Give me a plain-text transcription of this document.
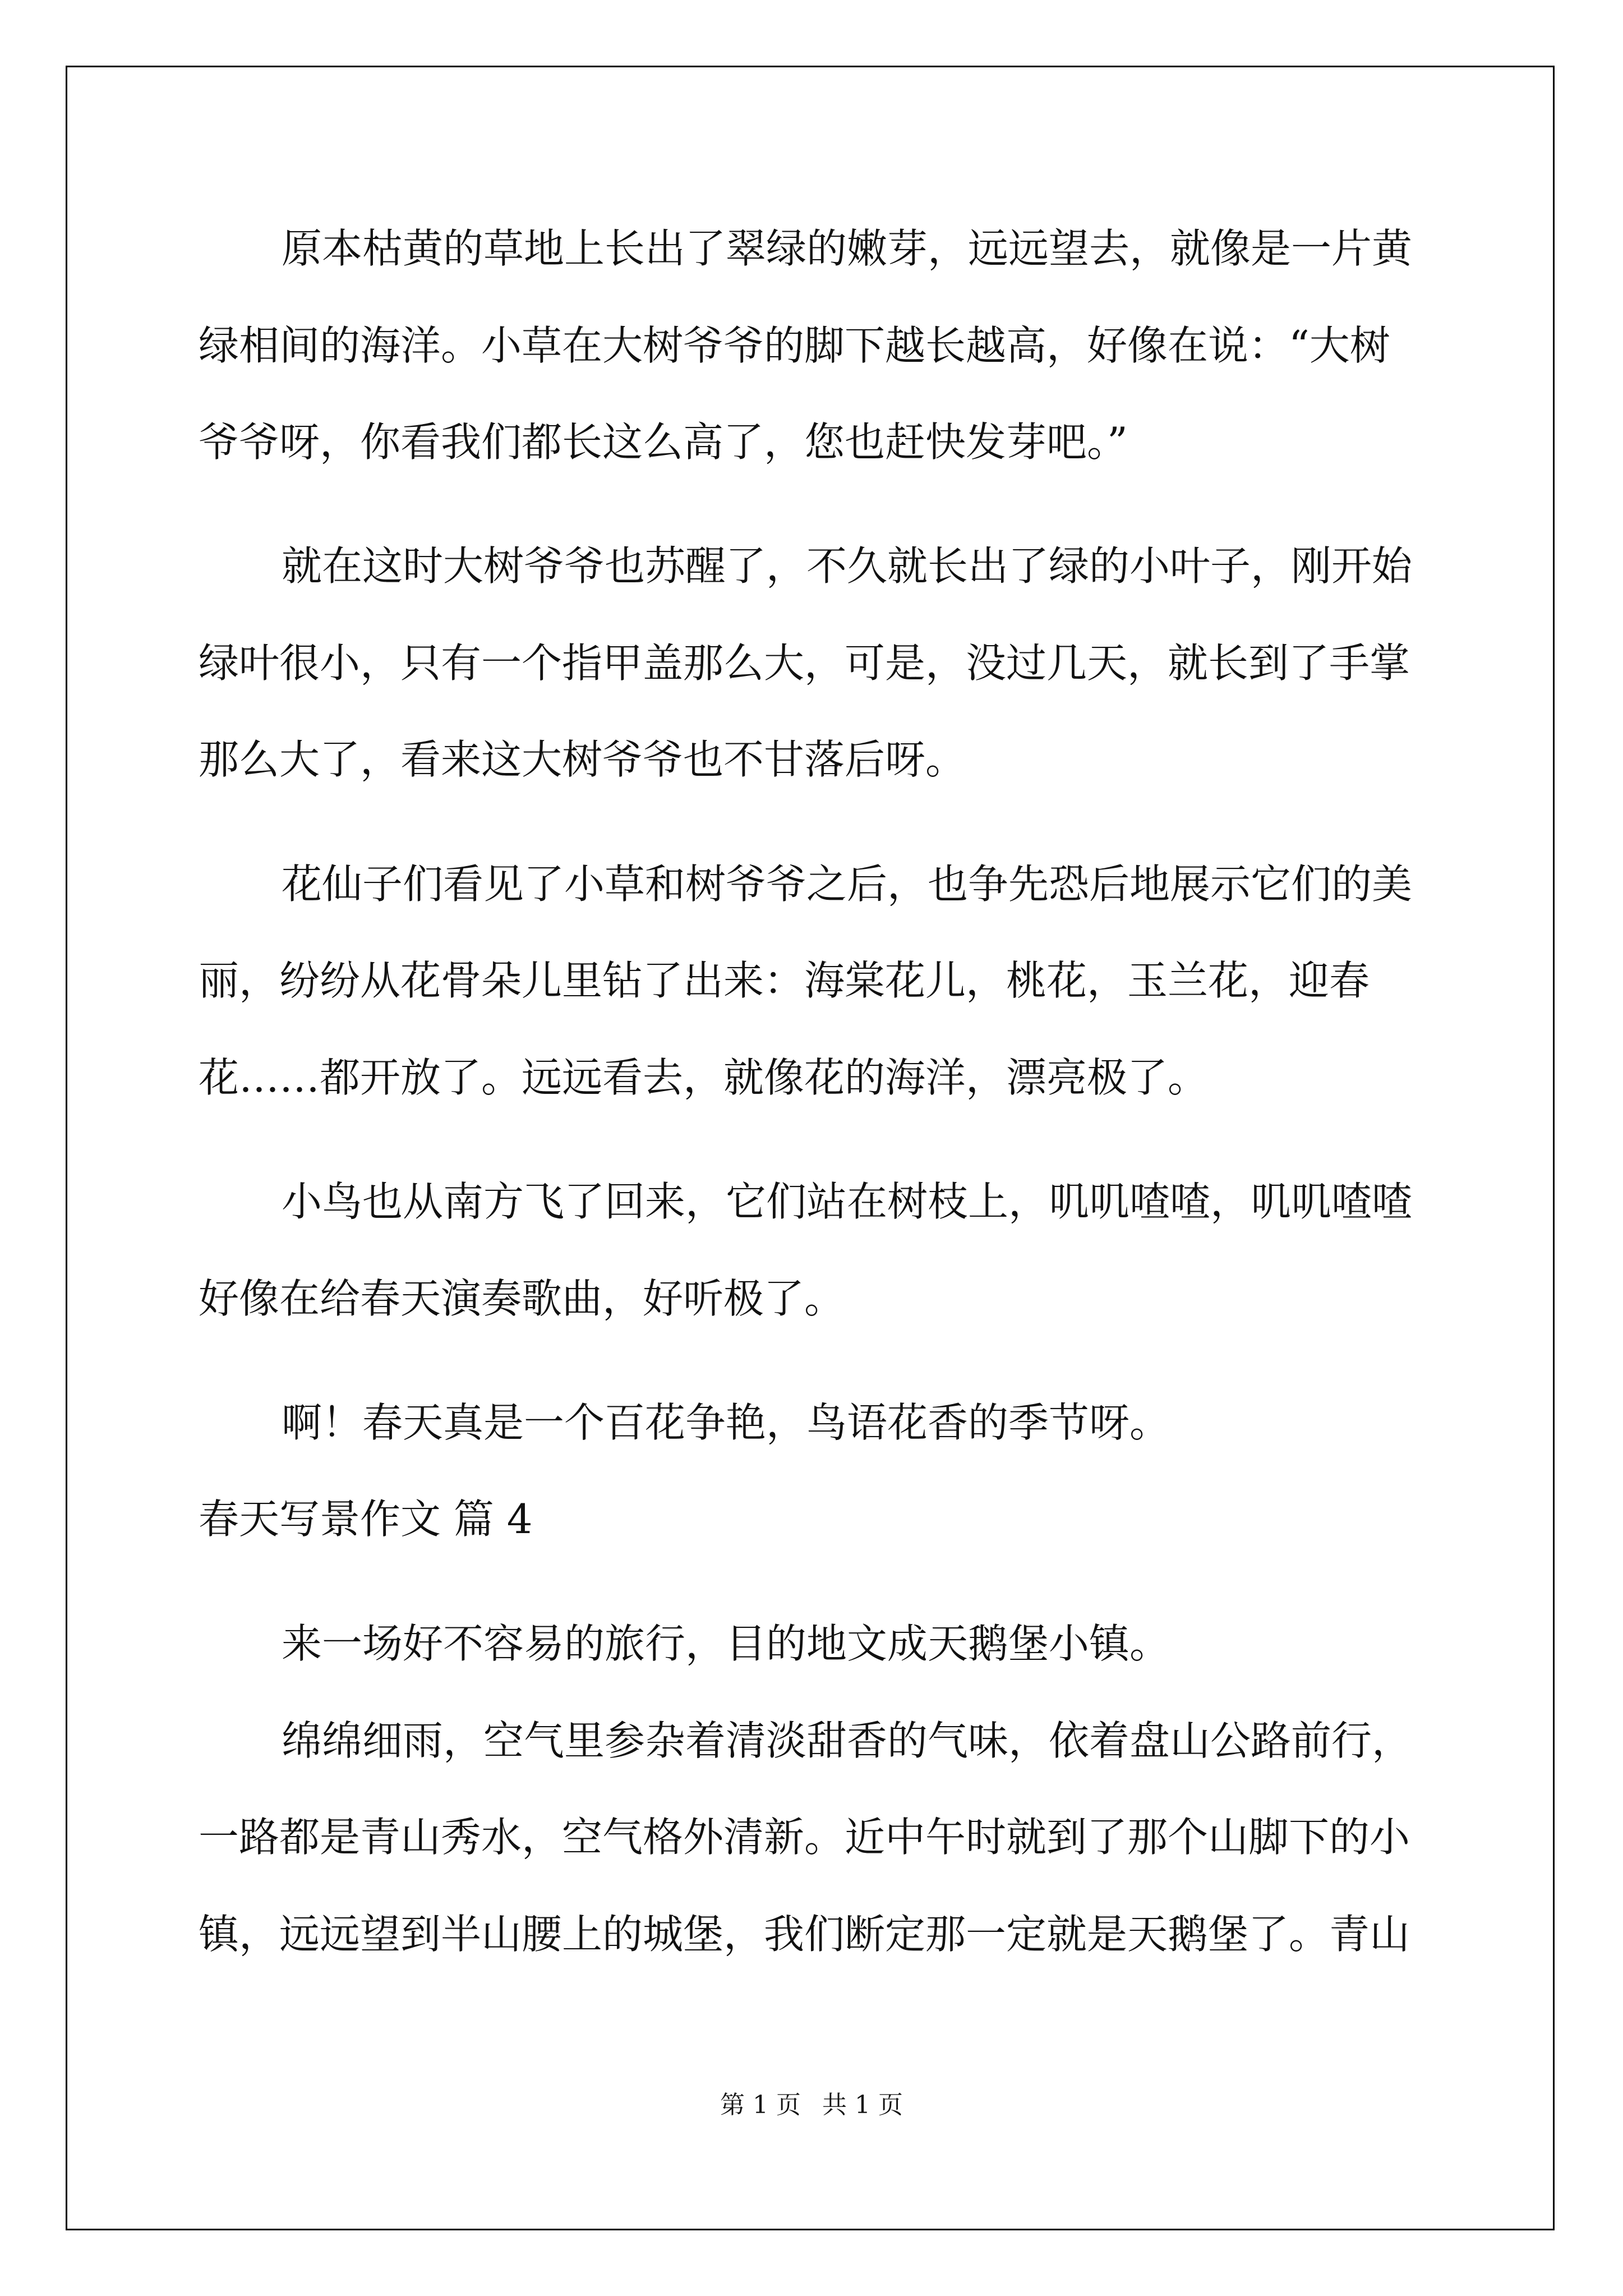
原本枯黄的草地上长出了翠绿的嫩芽，远远望去，就像是一片黄
绿相间的海洋。小草在大树爷爷的脚下越长越高，好像在说：“大树
爷爷呀，你看我们都长这么高了，您也赶快发芽吧。”
就在这时大树爷爷也苏醒了，不久就长出了绿的小叶子，刚开始
绿叶很小，只有一个指甲盖那么大，可是，没过几天，就长到了手掌
那么大了，看来这大树爷爷也不甘落后呀。
花仙子们看见了小草和树爷爷之后，也争先恐后地展示它们的美
丽，纷纷从花骨朵儿里钻了出来：海棠花儿，桃花，玉兰花，迎春
花……都开放了。远远看去，就像花的海洋，漂亮极了。
小鸟也从南方飞了回来，它们站在树枝上，叽叽喳喳，叽叽喳喳
好像在给春天演奏歌曲，好听极了。
啊！春天真是一个百花争艳，鸟语花香的季节呀。
春天写景作文 篇 4
来一场好不容易的旅行，目的地文成天鹅堡小镇。
绵绵细雨，空气里参杂着清淡甜香的气味，依着盘山公路前行，
一路都是青山秀水，空气格外清新。近中午时就到了那个山脚下的小
镇，远远望到半山腰上的城堡，我们断定那一定就是天鹅堡了。青山
第 1 页 共 1 页
